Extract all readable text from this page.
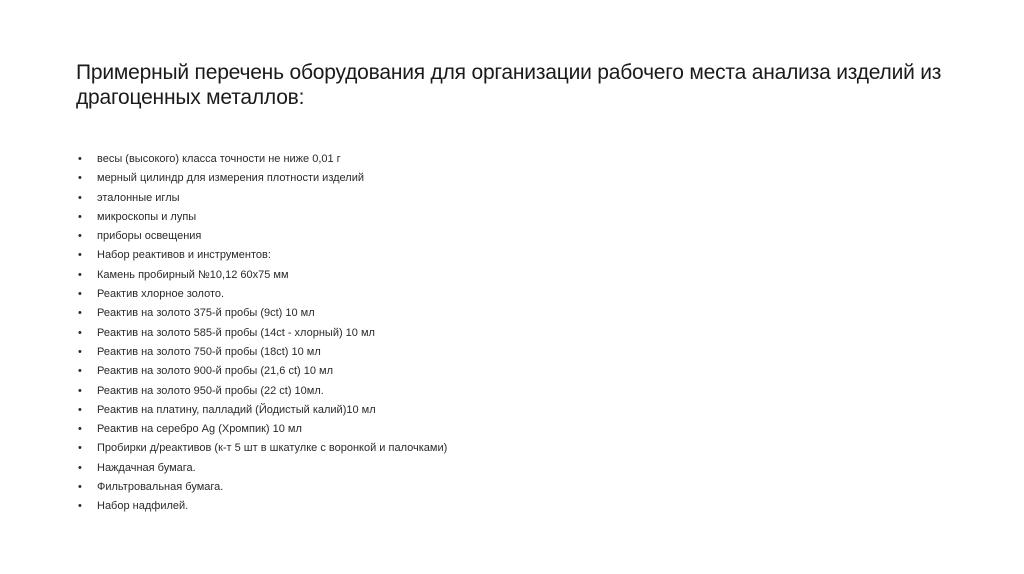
Примерный перечень оборудования для организации рабочего места анализа изделий из драгоценных металлов:
•	весы (высокого) класса точности не ниже 0,01 г
•	мерный цилиндр для измерения плотности изделий
•	эталонные иглы
•	микроскопы и лупы
•	приборы освещения
•	Набор реактивов и инструментов:
•	Камень пробирный №10,12 60х75 мм
•	Реактив хлорное золото.
•	Реактив на золото 375-й пробы (9ct) 10 мл
•	Реактив на золото 585-й пробы (14ct - хлорный) 10 мл
•	Реактив на золото 750-й пробы (18ct) 10 мл
•	Реактив на золото 900-й пробы (21,6 ct) 10 мл
•	Реактив на золото 950-й пробы (22 ct) 10мл.
•	Реактив на платину, палладий (Йодистый калий)10 мл
•	Реактив на серебро Ag (Хромпик) 10 мл
•	Пробирки д/реактивов (к-т 5 шт в шкатулке с воронкой и палочками)
•	Наждачная бумага.
•	Фильтровальная бумага.
•	Набор надфилей.
